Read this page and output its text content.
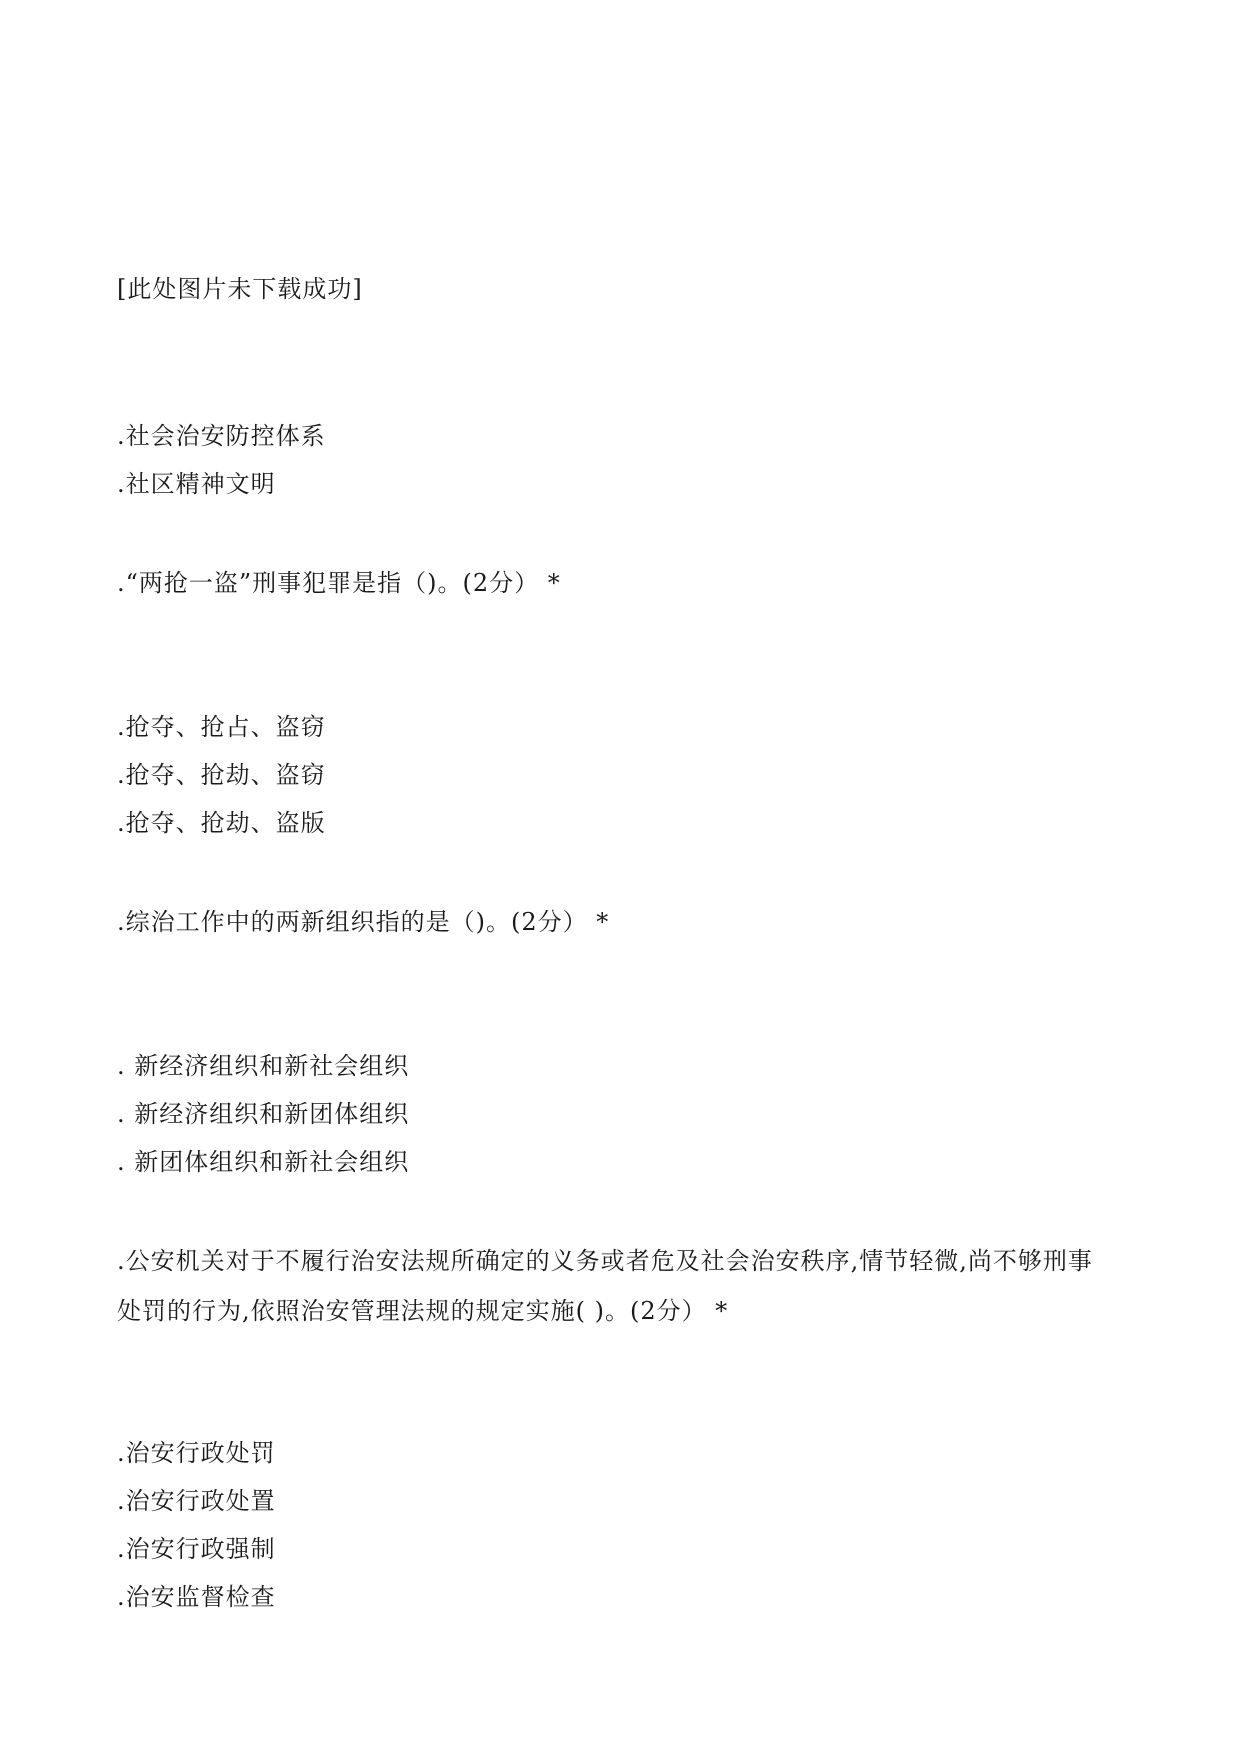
[此处图片未下载成功]
.社会治安防控体系
.社区精神文明
.“两抢一盗”刑事犯罪是指（)。(2分） *
.抢夺、抢占、盗窃
.抢夺、抢劫、盗窃
.抢夺、抢劫、盗版
.综治工作中的两新组织指的是（)。(2分） *
. 新经济组织和新社会组织
. 新经济组织和新团体组织
. 新团体组织和新社会组织
.公安机关对于不履行治安法规所确定的义务或者危及社会治安秩序,情节轻微,尚不够刑事
处罚的行为,依照治安管理法规的规定实施( )。(2分） *
.治安行政处罚
.治安行政处置
.治安行政强制
.治安监督检查
